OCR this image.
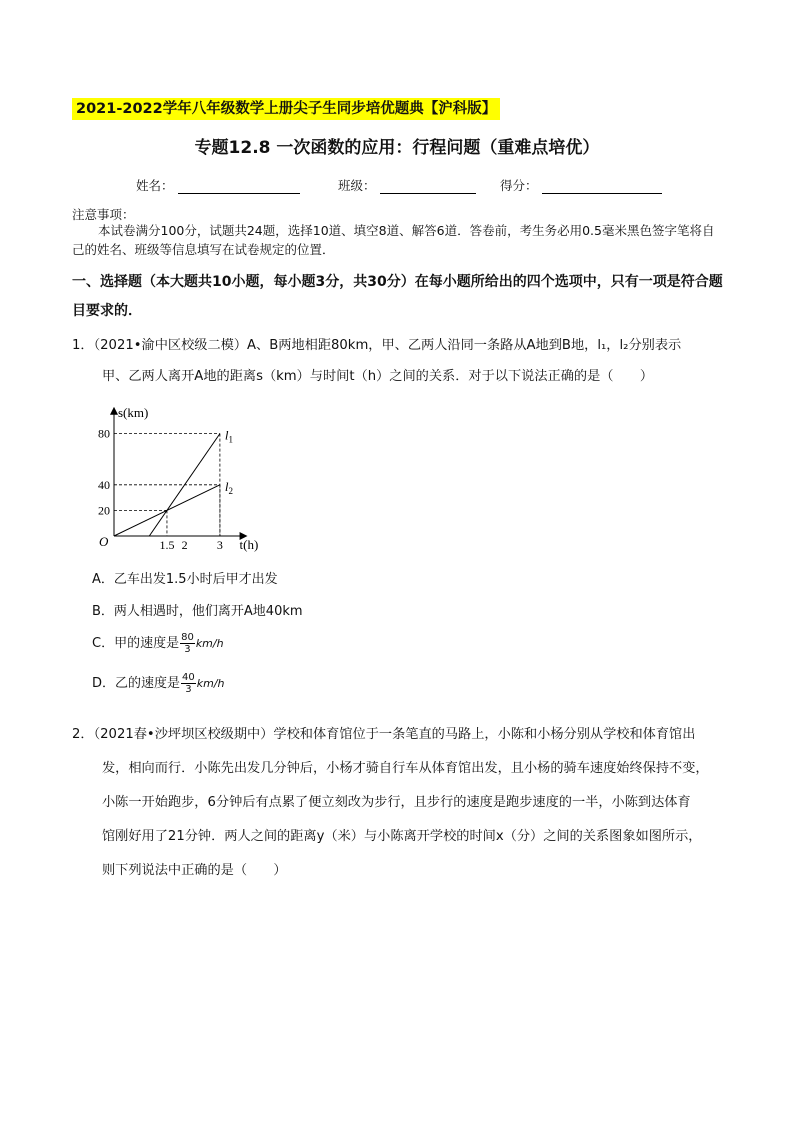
2021-2022学年八年级数学上册尖子生同步培优题典【沪科版】
专题12.8 一次函数的应用：行程问题（重难点培优）
姓名：	班级：	得分：
注意事项：
本试卷满分100分，试题共24题，选择10道、填空8道、解答6道．答卷前，考生务必用0.5毫米黑色签字笔将自己的姓名、班级等信息填写在试卷规定的位置．
一、选择题（本大题共10小题，每小题3分，共30分）在每小题所给出的四个选项中，只有一项是符合题目要求的．
1．（2021•渝中区校级二模）A、B两地相距80km，甲、乙两人沿同一条路从A地到B地，l₁，l₂分别表示
甲、乙两人离开A地的距离s（km）与时间t（h）之间的关系．对于以下说法正确的是（　　）
$l_1$
$l_2$
1.5 2 3
20
40
80
s(km)
t(h)
O
A．乙车出发1.5小时后甲才出发
B．两人相遇时，他们离开A地40km
C．甲的速度是 $\frac{80}{3} km/h$
D．乙的速度是 $\frac{40}{3} km/h$
2．（2021春•沙坪坝区校级期中）学校和体育馆位于一条笔直的马路上，小陈和小杨分别从学校和体育馆出
发，相向而行．小陈先出发几分钟后，小杨才骑自行车从体育馆出发，且小杨的骑车速度始终保持不变，
小陈一开始跑步，6分钟后有点累了便立刻改为步行，且步行的速度是跑步速度的一半，小陈到达体育
馆刚好用了21分钟．两人之间的距离y（米）与小陈离开学校的时间x（分）之间的关系图象如图所示，
则下列说法中正确的是（　　）
